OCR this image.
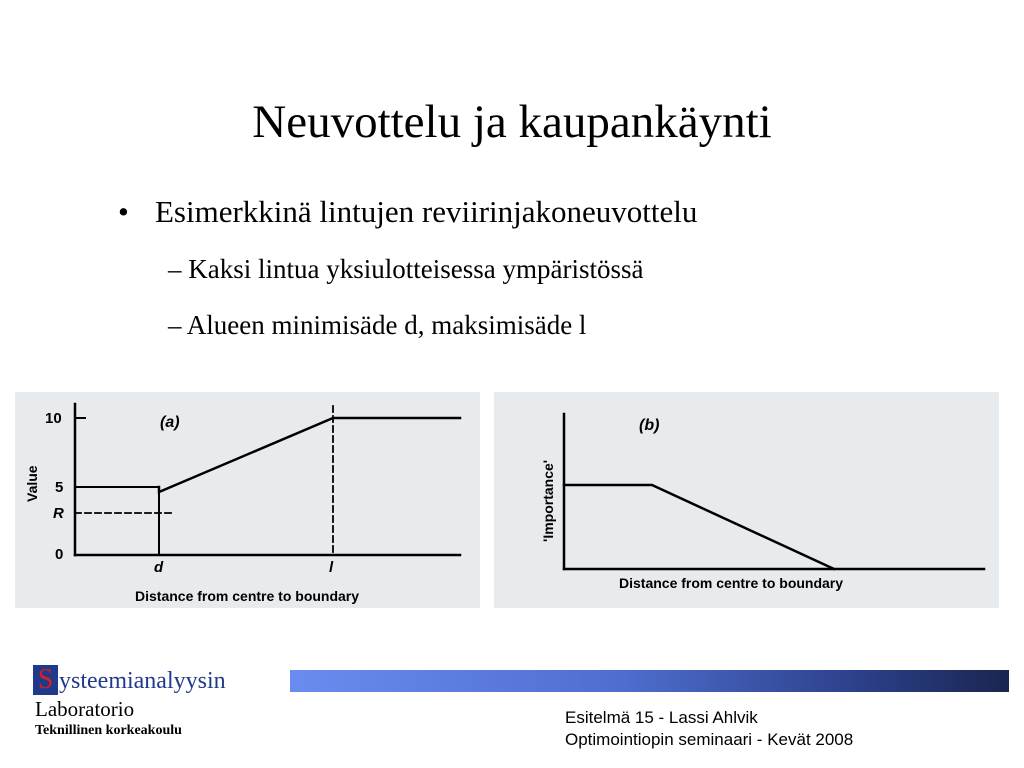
Neuvottelu ja kaupankäynti
• Esimerkkinä lintujen reviirinjakoneuvottelu
– Kaksi lintua yksiulotteisessa ympäristössä
– Alueen minimisäde d, maksimisäde l
(a)
10
5
R
0
d	l
Distance from centre to boundary
Value
(b)
Distance from centre to boundary
'Importance'
S ysteemianalyysin
Laboratorio
Teknillinen korkeakoulu
Esitelmä 15 - Lassi Ahlvik
Optimointiopin seminaari - Kevät 2008
